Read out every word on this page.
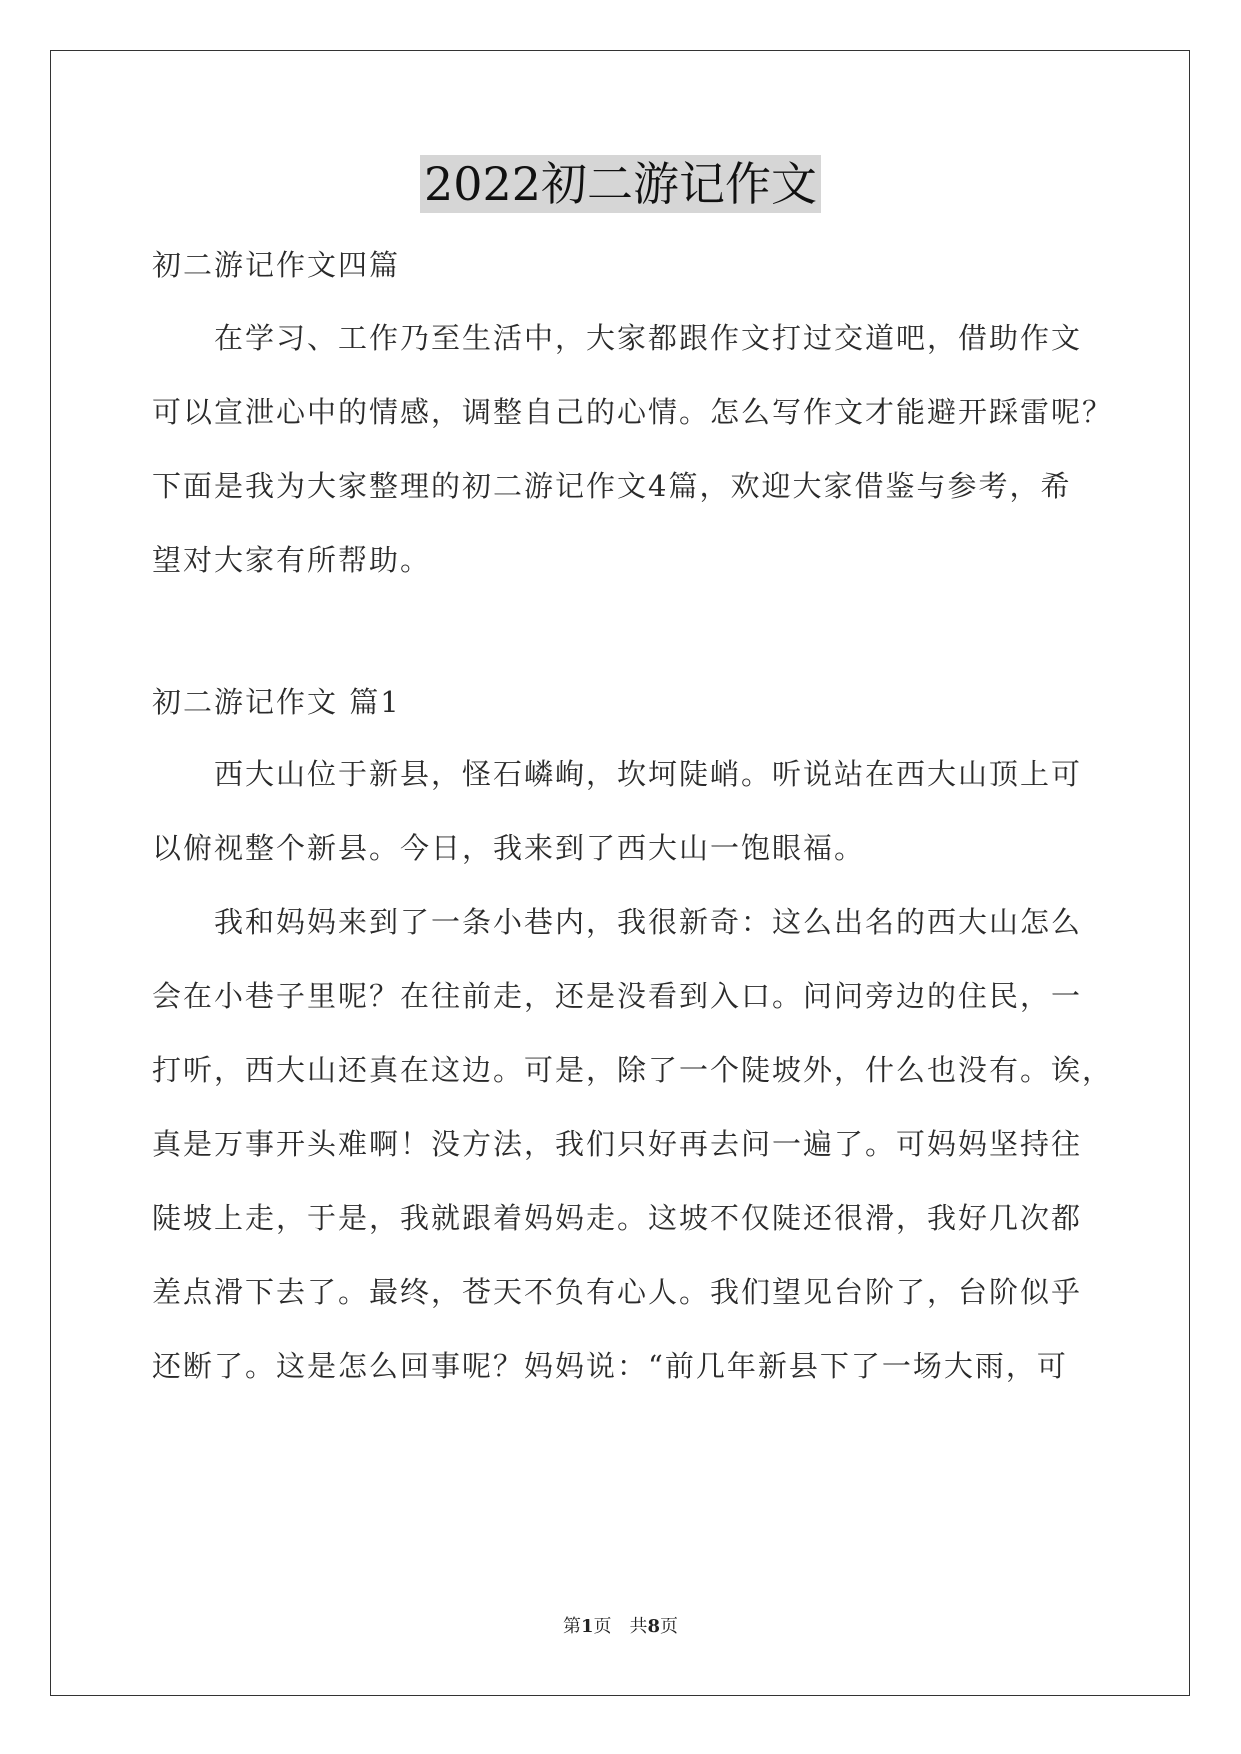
2022初二游记作文
初二游记作文四篇
在学习、工作乃至生活中，大家都跟作文打过交道吧，借助作文
可以宣泄心中的情感，调整自己的心情。怎么写作文才能避开踩雷呢？
下面是我为大家整理的初二游记作文4篇，欢迎大家借鉴与参考，希
望对大家有所帮助。
初二游记作文 篇1
西大山位于新县，怪石嶙峋，坎坷陡峭。听说站在西大山顶上可
以俯视整个新县。今日，我来到了西大山一饱眼福。
我和妈妈来到了一条小巷内，我很新奇：这么出名的西大山怎么
会在小巷子里呢？在往前走，还是没看到入口。问问旁边的住民，一
打听，西大山还真在这边。可是，除了一个陡坡外，什么也没有。诶，
真是万事开头难啊！没方法，我们只好再去问一遍了。可妈妈坚持往
陡坡上走，于是，我就跟着妈妈走。这坡不仅陡还很滑，我好几次都
差点滑下去了。最终，苍天不负有心人。我们望见台阶了，台阶似乎
还断了。这是怎么回事呢？妈妈说：“前几年新县下了一场大雨，可
第1页　共8页
